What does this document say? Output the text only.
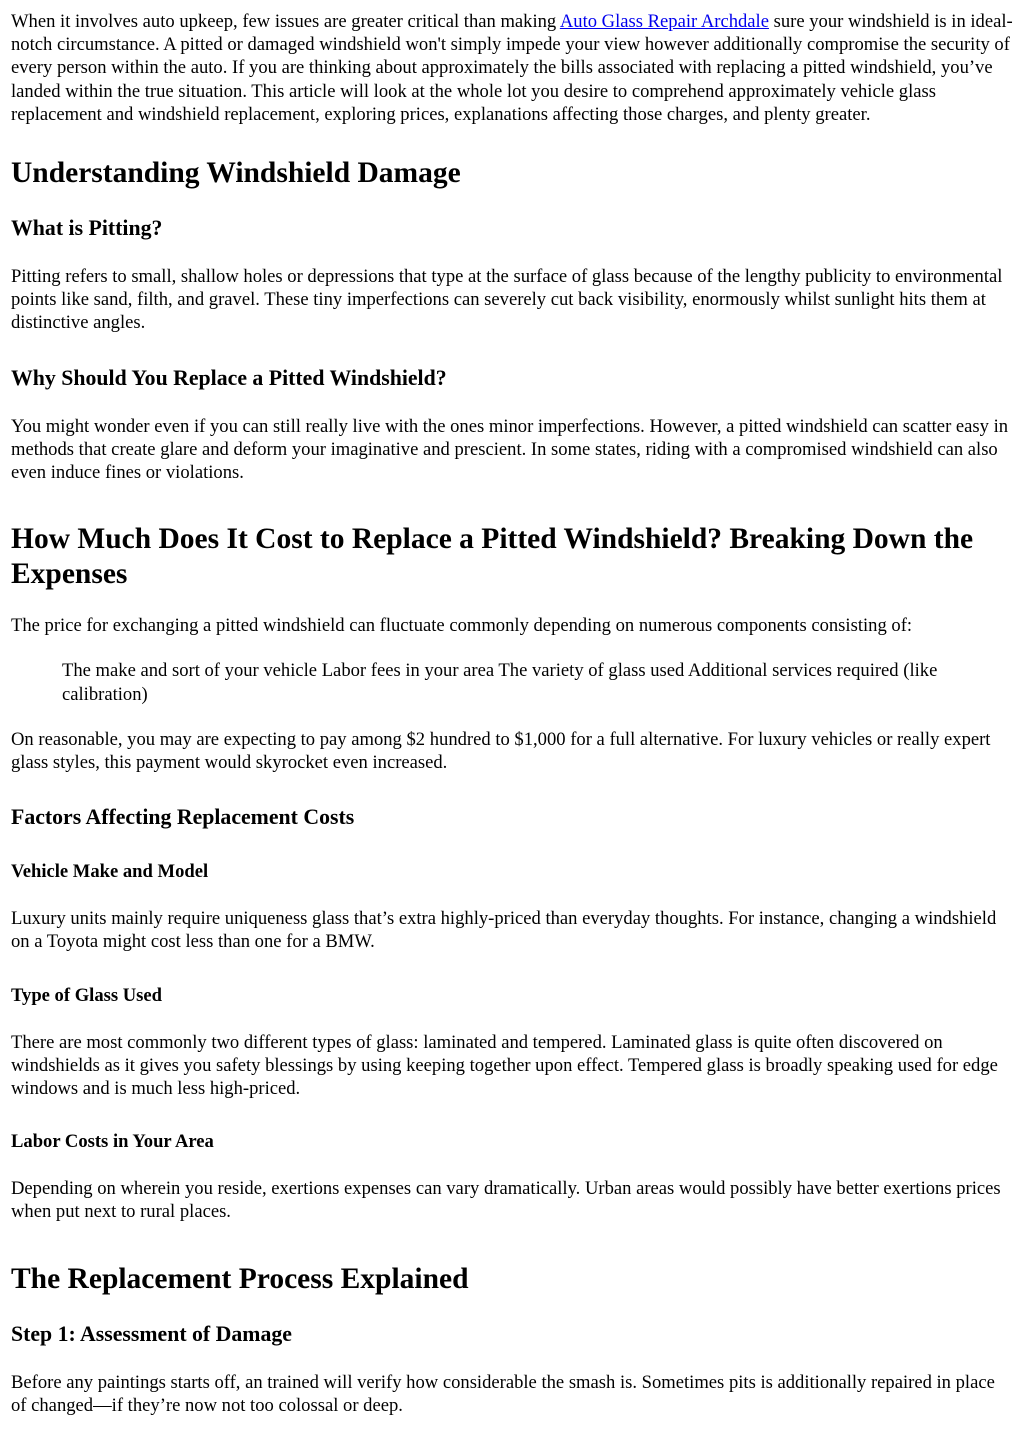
When it involves auto upkeep, few issues are greater critical than making Auto Glass Repair Archdale sure your windshield is in ideal-notch circumstance. A pitted or damaged windshield won't simply impede your view however additionally compromise the security of every person within the auto. If you are thinking about approximately the bills associated with replacing a pitted windshield, you’ve landed within the true situation. This article will look at the whole lot you desire to comprehend approximately vehicle glass replacement and windshield replacement, exploring prices, explanations affecting those charges, and plenty greater.

Understanding Windshield Damage
What is Pitting?

Pitting refers to small, shallow holes or depressions that type at the surface of glass because of the lengthy publicity to environmental points like sand, filth, and gravel. These tiny imperfections can severely cut back visibility, enormously whilst sunlight hits them at distinctive angles.

Why Should You Replace a Pitted Windshield?

You might wonder even if you can still really live with the ones minor imperfections. However, a pitted windshield can scatter easy in methods that create glare and deform your imaginative and prescient. In some states, riding with a compromised windshield can also even induce fines or violations.

How Much Does It Cost to Replace a Pitted Windshield? Breaking Down the Expenses

The price for exchanging a pitted windshield can fluctuate commonly depending on numerous components consisting of:

The make and sort of your vehicle Labor fees in your area The variety of glass used Additional services required (like calibration)

On reasonable, you may are expecting to pay among $2 hundred to $1,000 for a full alternative. For luxury vehicles or really expert glass styles, this payment would skyrocket even increased.

Factors Affecting Replacement Costs
Vehicle Make and Model

Luxury units mainly require uniqueness glass that’s extra highly-priced than everyday thoughts. For instance, changing a windshield on a Toyota might cost less than one for a BMW.

Type of Glass Used

There are most commonly two different types of glass: laminated and tempered. Laminated glass is quite often discovered on windshields as it gives you safety blessings by using keeping together upon effect. Tempered glass is broadly speaking used for edge windows and is much less high-priced.

Labor Costs in Your Area

Depending on wherein you reside, exertions expenses can vary dramatically. Urban areas would possibly have better exertions prices when put next to rural places.

The Replacement Process Explained
Step 1: Assessment of Damage

Before any paintings starts off, an trained will verify how considerable the smash is. Sometimes pits is additionally repaired in place of changed—if they’re now not too colossal or deep.
